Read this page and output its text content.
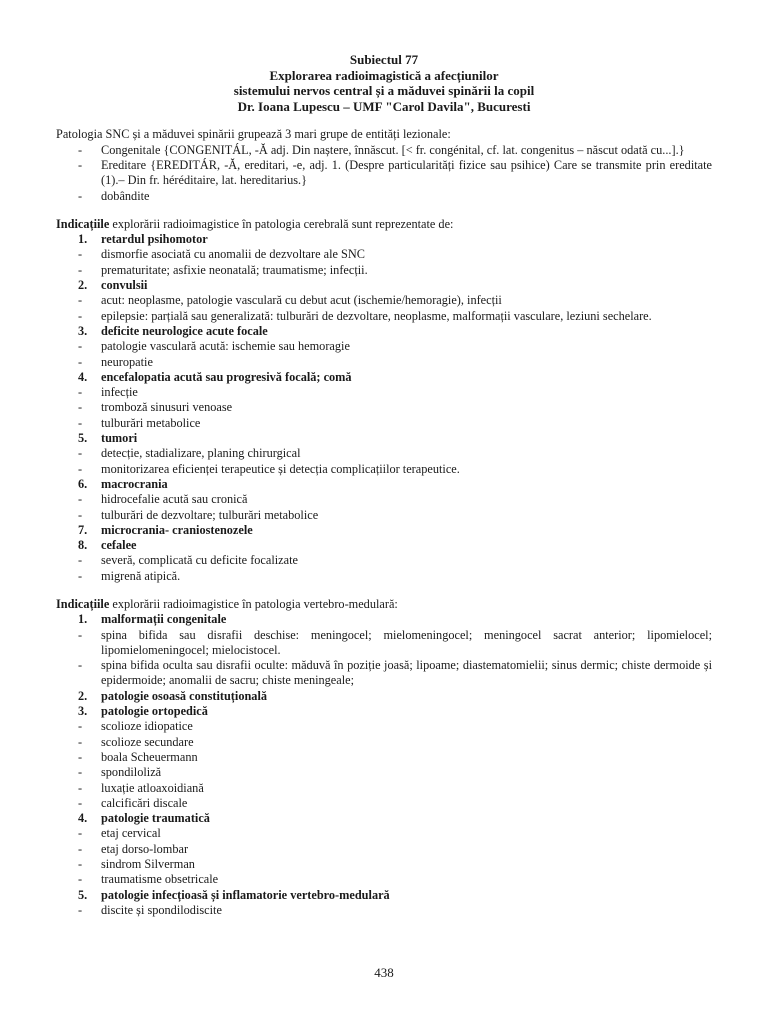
Subiectul 77
Explorarea radioimagistică a afecțiunilor
sistemului nervos central și a măduvei spinării la copil
Dr. Ioana Lupescu – UMF "Carol Davila", Bucuresti
Patologia SNC și a măduvei spinării grupează 3 mari grupe de entități lezionale:
- Congenitale {CONGENITÁL, -Ă adj. Din naștere, înnăscut. [< fr. congénital, cf. lat. congenitus – născut odată cu...].}
- Ereditare {EREDITÁR, -Ă, ereditari, -e, adj. 1. (Despre particularități fizice sau psihice) Care se transmite prin ereditate (1).– Din fr. héréditaire, lat. hereditarius.}
- dobândite
Indicațiile explorării radioimagistice în patologia cerebrală sunt reprezentate de:
1. retardul psihomotor
- dismorfie asociată cu anomalii de dezvoltare ale SNC
- prematuritate; asfixie neonatală; traumatisme; infecții.
2. convulsii
- acut: neoplasme, patologie vasculară cu debut acut (ischemie/hemoragie), infecții
- epilepsie: parțială sau generalizată: tulburări de dezvoltare, neoplasme, malformații vasculare, leziuni sechelare.
3. deficite neurologice acute focale
- patologie vasculară acută: ischemie sau hemoragie
- neuropatie
4. encefalopatia acută sau progresivă focală; comă
- infecție
- tromboză sinusuri venoase
- tulburări metabolice
5. tumori
- detecție, stadializare, planing chirurgical
- monitorizarea eficienței terapeutice și detecția complicațiilor terapeutice.
6. macrocrania
- hidrocefalie acută sau cronică
- tulburări de dezvoltare; tulburări metabolice
7. microcrania- craniostenozele
8. cefalee
- severă, complicată cu deficite focalizate
- migrenă atipică.
Indicațiile explorării radioimagistice în patologia vertebro-medulară:
1. malformații congenitale
- spina bifida sau disrafii deschise: meningocel; mielomeningocel; meningocel sacrat anterior; lipomielocel; lipomielomeningocel; mielocistocel.
- spina bifida oculta sau disrafii oculte: măduvă în poziție joasă; lipoame; diastematomielii; sinus dermic; chiste dermoide și epidermoide; anomalii de sacru; chiste meningeale;
2. patologie osoasă constituțională
3. patologie ortopedică
- scolioze idiopatice
- scolioze secundare
- boala Scheuermann
- spondiloliză
- luxație atloaxoidiană
- calcificări discale
4. patologie traumatică
- etaj cervical
- etaj dorso-lombar
- sindrom Silverman
- traumatisme obsetricale
5. patologie infecțioasă și inflamatorie vertebro-medulară
- discite și spondilodiscite
438
